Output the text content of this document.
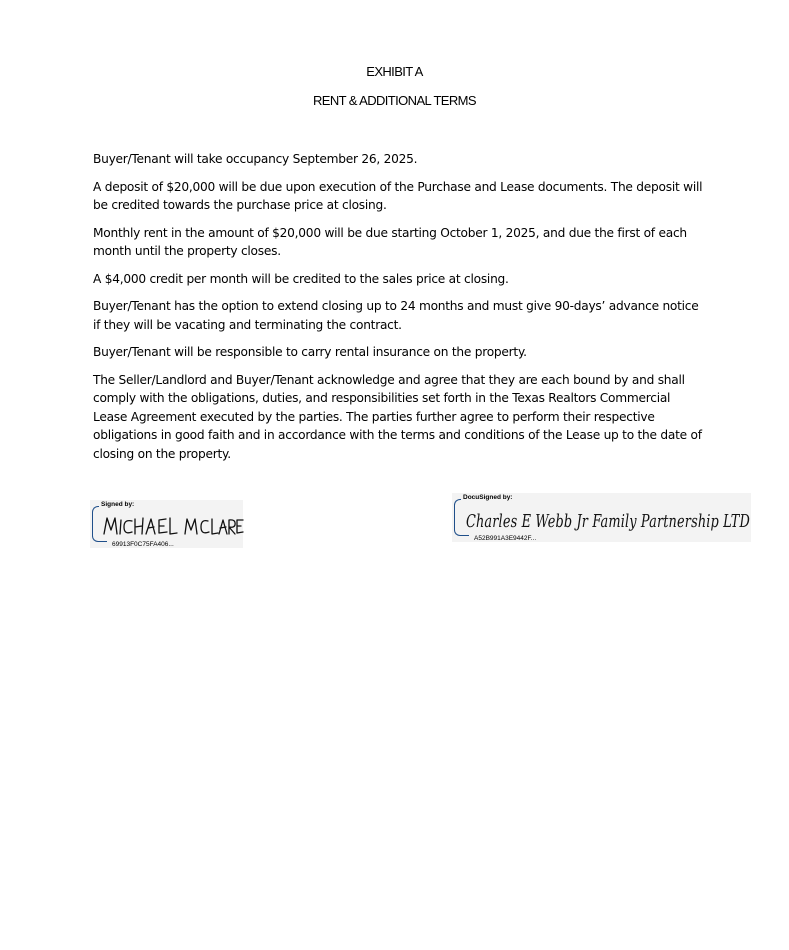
EXHIBIT A
RENT & ADDITIONAL TERMS

Buyer/Tenant will take occupancy September 26, 2025.

A deposit of $20,000 will be due upon execution of the Purchase and Lease documents. The deposit will be credited towards the purchase price at closing.

Monthly rent in the amount of $20,000 will be due starting October 1, 2025, and due the first of each month until the property closes.

A $4,000 credit per month will be credited to the sales price at closing.

Buyer/Tenant has the option to extend closing up to 24 months and must give 90-days’ advance notice if they will be vacating and terminating the contract.

Buyer/Tenant will be responsible to carry rental insurance on the property.

The Seller/Landlord and Buyer/Tenant acknowledge and agree that they are each bound by and shall comply with the obligations, duties, and responsibilities set forth in the Texas Realtors Commercial Lease Agreement executed by the parties. The parties further agree to perform their respective obligations in good faith and in accordance with the terms and conditions of the Lease up to the date of closing on the property.

Signed by:
69913F0C75FA406...
DocuSigned by:
Charles E Webb Jr Family Partnership LTD
A52B991A3E9442F...
